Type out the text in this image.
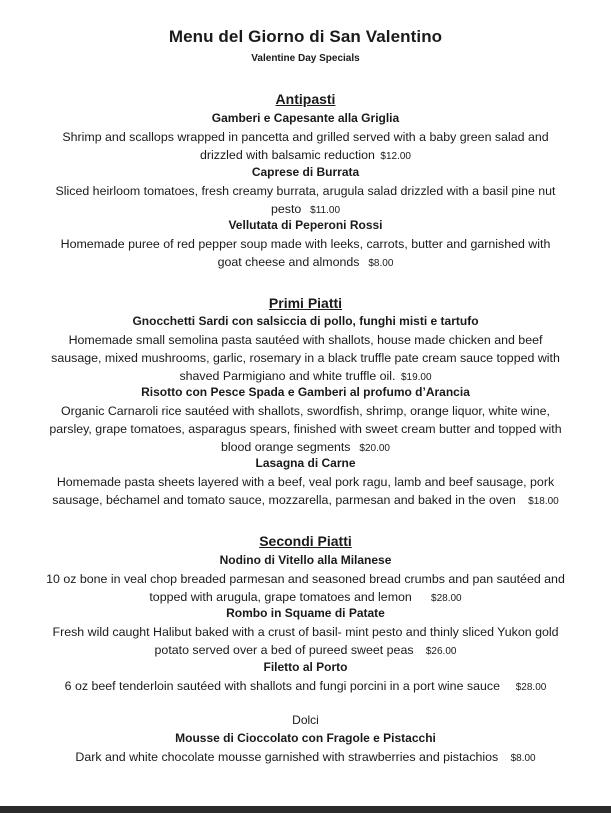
Menu del Giorno di San Valentino
Valentine Day Specials
Antipasti
Gamberi e Capesante alla Griglia
Shrimp and scallops wrapped in pancetta and grilled served with a baby green salad and
drizzled with balsamic reduction $12.00
Caprese di Burrata
Sliced heirloom tomatoes, fresh creamy burrata, arugula salad drizzled with a basil pine nut
pesto $11.00
Vellutata di Peperoni Rossi
Homemade puree of red pepper soup made with leeks, carrots, butter and garnished with
goat cheese and almonds $8.00
Primi Piatti
Gnocchetti Sardi con salsiccia di pollo, funghi misti e tartufo
Homemade small semolina pasta sautéed with shallots, house made chicken and beef
sausage, mixed mushrooms, garlic, rosemary in a black truffle pate cream sauce topped with
shaved Parmigiano and white truffle oil. $19.00
Risotto con Pesce Spada e Gamberi al profumo d’Arancia
Organic Carnaroli rice sautéed with shallots, swordfish, shrimp, orange liquor, white wine,
parsley, grape tomatoes, asparagus spears, finished with sweet cream butter and topped with
blood orange segments $20.00
Lasagna di Carne
Homemade pasta sheets layered with a beef, veal pork ragu, lamb and beef sausage, pork
sausage, béchamel and tomato sauce, mozzarella, parmesan and baked in the oven $18.00
Secondi Piatti
Nodino di Vitello alla Milanese
10 oz bone in veal chop breaded parmesan and seasoned bread crumbs and pan sautéed and
topped with arugula, grape tomatoes and lemon $28.00
Rombo in Squame di Patate
Fresh wild caught Halibut baked with a crust of basil- mint pesto and thinly sliced Yukon gold
potato served over a bed of pureed sweet peas $26.00
Filetto al Porto
6 oz beef tenderloin sautéed with shallots and fungi porcini in a port wine sauce $28.00
Dolci
Mousse di Cioccolato con Fragole e Pistacchi
Dark and white chocolate mousse garnished with strawberries and pistachios $8.00
